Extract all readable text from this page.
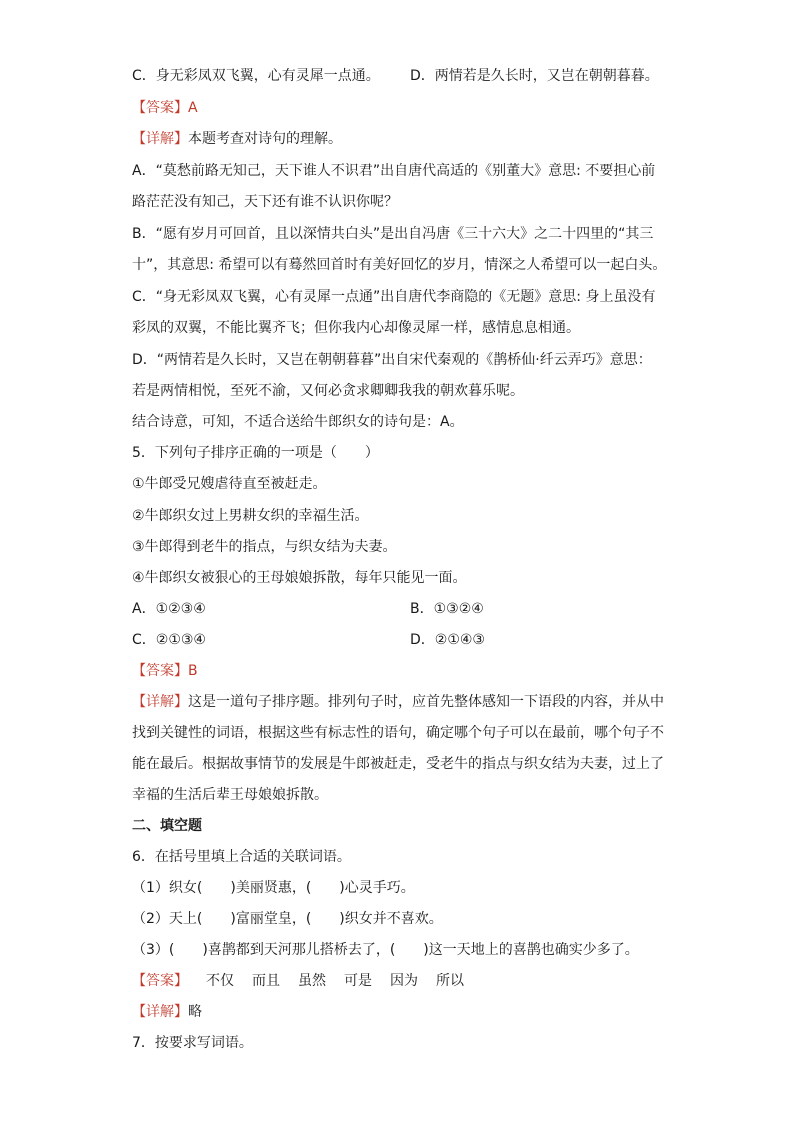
C．身无彩凤双飞翼，心有灵犀一点通。 D．两情若是久长时，又岂在朝朝暮暮。
【答案】A
【详解】本题考查对诗句的理解。
A．“莫愁前路无知己，天下谁人不识君”出自唐代高适的《别董大》意思: 不要担心前
路茫茫没有知己，天下还有谁不认识你呢？
B．“愿有岁月可回首，且以深情共白头”是出自冯唐《三十六大》之二十四里的“其三
十”，其意思: 希望可以有蓦然回首时有美好回忆的岁月，情深之人希望可以一起白头。
C．“身无彩凤双飞翼，心有灵犀一点通”出自唐代李商隐的《无题》意思: 身上虽没有
彩凤的双翼，不能比翼齐飞；但你我内心却像灵犀一样，感情息息相通。
D．“两情若是久长时，又岂在朝朝暮暮”出自宋代秦观的《鹊桥仙·纤云弄巧》意思：
若是两情相悦，至死不渝，又何必贪求卿卿我我的朝欢暮乐呢。
结合诗意，可知，不适合送给牛郎织女的诗句是：A。
5．下列句子排序正确的一项是（　　）
①牛郎受兄嫂虐待直至被赶走。
②牛郎织女过上男耕女织的幸福生活。
③牛郎得到老牛的指点，与织女结为夫妻。
④牛郎织女被狠心的王母娘娘拆散，每年只能见一面。
A．①②③④	B．①③②④
C．②①③④	D．②①④③
【答案】B
【详解】这是一道句子排序题。排列句子时，应首先整体感知一下语段的内容，并从中
找到关键性的词语，根据这些有标志性的语句，确定哪个句子可以在最前，哪个句子不
能在最后。根据故事情节的发展是牛郎被赶走，受老牛的指点与织女结为夫妻，过上了
幸福的生活后辈王母娘娘拆散。
二、填空题
6．在括号里填上合适的关联词语。
（1）织女(　　)美丽贤惠，(　　)心灵手巧。
（2）天上(　　)富丽堂皇，(　　)织女并不喜欢。
（3）(　　)喜鹊都到天河那儿搭桥去了，(　　)这一天地上的喜鹊也确实少多了。
【答案】 不仅 而且 虽然 可是 因为 所以
【详解】略
7．按要求写词语。
